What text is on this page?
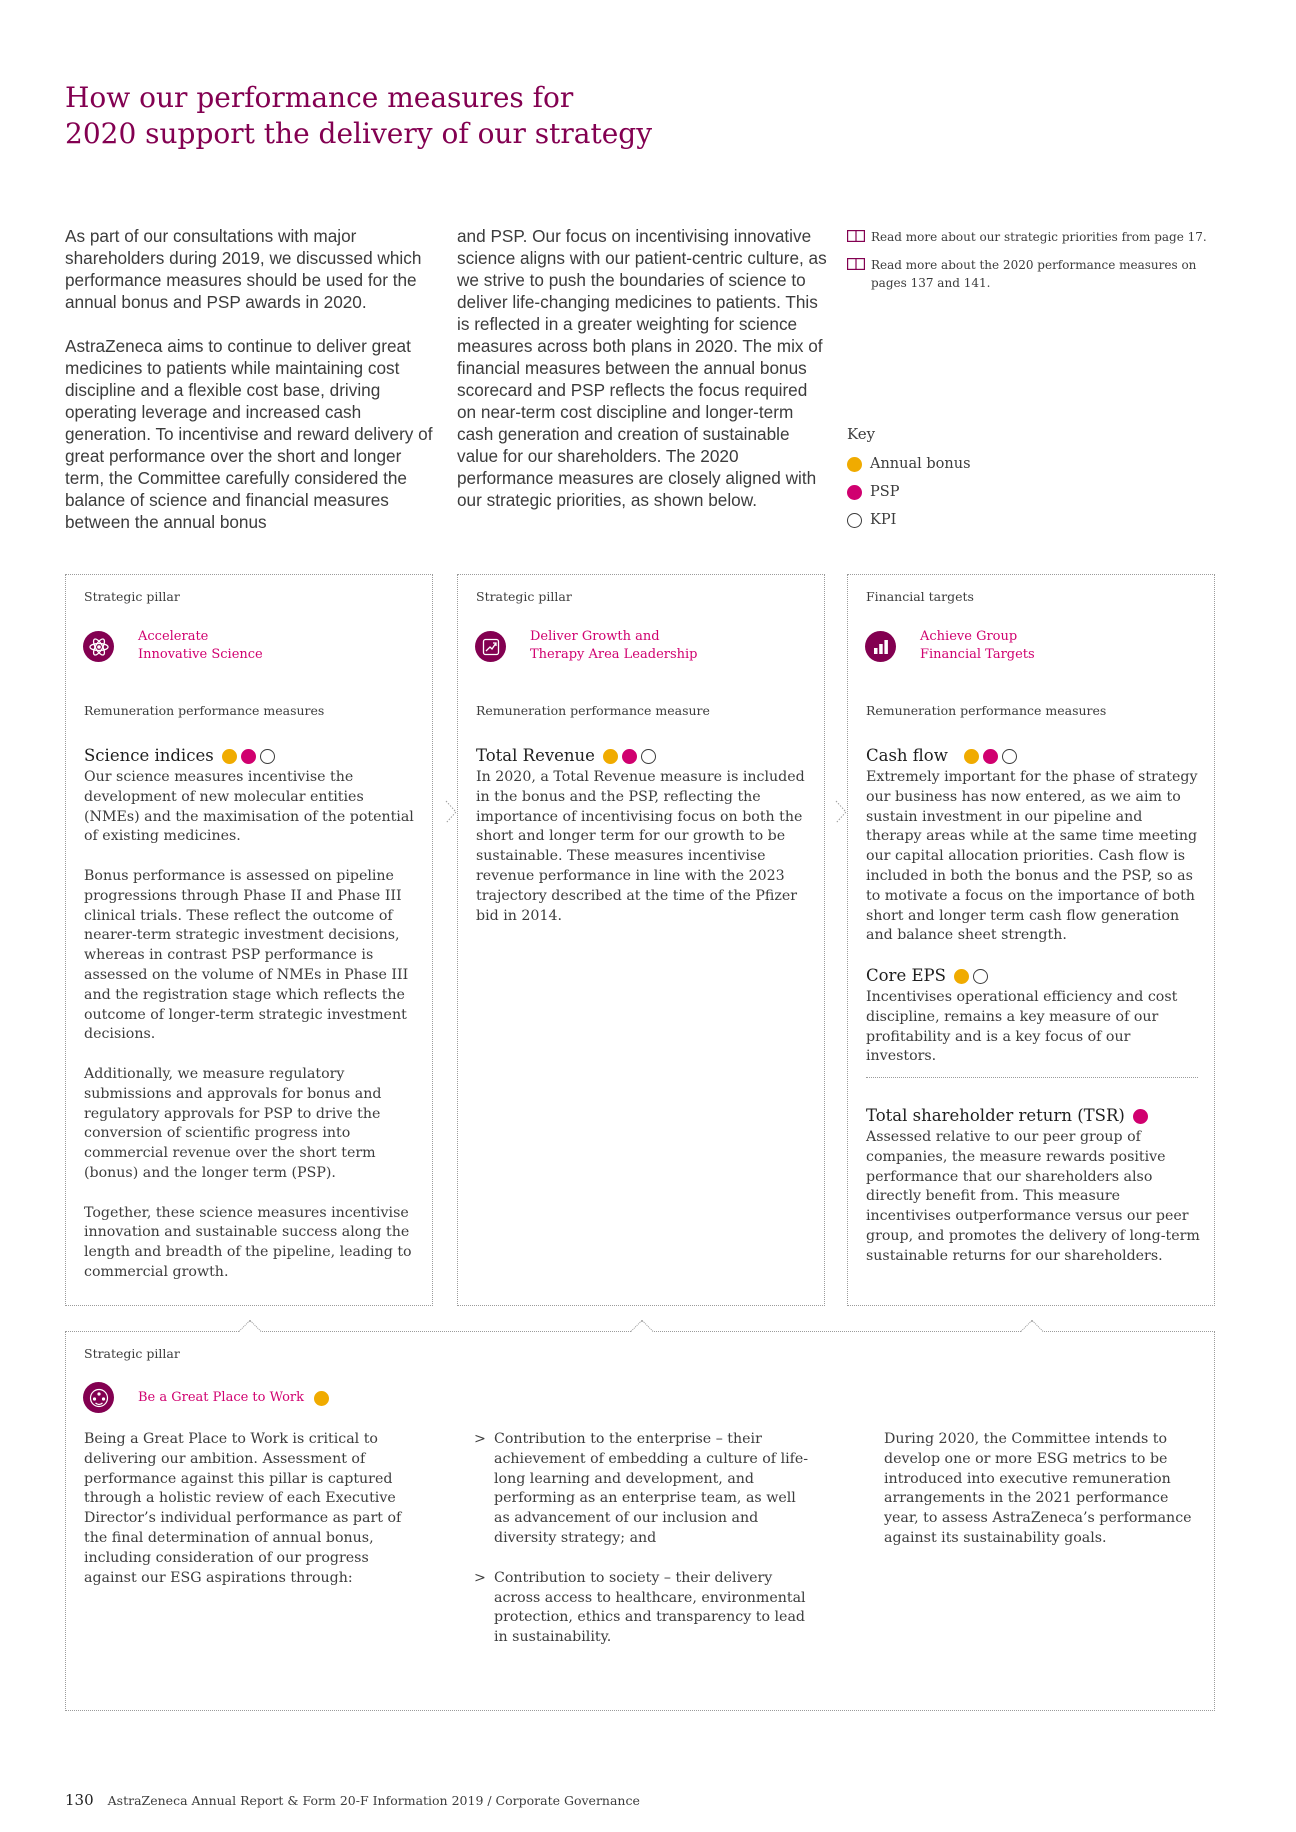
How our performance measures for
2020 support the delivery of our strategy

As part of our consultations with major shareholders during 2019, we discussed which performance measures should be used for the annual bonus and PSP awards in 2020.

AstraZeneca aims to continue to deliver great medicines to patients while maintaining cost discipline and a flexible cost base, driving operating leverage and increased cash generation. To incentivise and reward delivery of great performance over the short and longer term, the Committee carefully considered the balance of science and financial measures between the annual bonus

and PSP. Our focus on incentivising innovative science aligns with our patient-centric culture, as we strive to push the boundaries of science to deliver life-changing medicines to patients. This is reflected in a greater weighting for science measures across both plans in 2020. The mix of financial measures between the annual bonus scorecard and PSP reflects the focus required on near-term cost discipline and longer-term cash generation and creation of sustainable value for our shareholders. The 2020 performance measures are closely aligned with our strategic priorities, as shown below.

Read more about our strategic priorities from page 17.
Read more about the 2020 performance measures on pages 137 and 141.
Key
Annual bonus
PSP
KPI
Strategic pillar
Accelerate
Innovative Science
Remuneration performance measures
Science indices

Our science measures incentivise the development of new molecular entities (NMEs) and the maximisation of the potential of existing medicines.

Bonus performance is assessed on pipeline progressions through Phase II and Phase III clinical trials. These reflect the outcome of nearer-term strategic investment decisions, whereas in contrast PSP performance is assessed on the volume of NMEs in Phase III and the registration stage which reflects the outcome of longer-term strategic investment decisions.

Additionally, we measure regulatory submissions and approvals for bonus and regulatory approvals for PSP to drive the conversion of scientific progress into commercial revenue over the short term (bonus) and the longer term (PSP).

Together, these science measures incentivise innovation and sustainable success along the length and breadth of the pipeline, leading to commercial growth.

Strategic pillar
Deliver Growth and
Therapy Area Leadership
Remuneration performance measure
Total Revenue

In 2020, a Total Revenue measure is included in the bonus and the PSP, reflecting the importance of incentivising focus on both the short and longer term for our growth to be sustainable. These measures incentivise revenue performance in line with the 2023 trajectory described at the time of the Pfizer bid in 2014.

Financial targets
Achieve Group
Financial Targets
Remuneration performance measures
Cash flow
Extremely important for the phase of strategy our business has now entered, as we aim to sustain investment in our pipeline and therapy areas while at the same time meeting our capital allocation priorities. Cash flow is included in both the bonus and the PSP, so as to motivate a focus on the importance of both short and longer term cash flow generation and balance sheet strength.
Core EPS
Incentivises operational efficiency and cost discipline, remains a key measure of our profitability and is a key focus of our investors.
Total shareholder return (TSR)
Assessed relative to our peer group of companies, the measure rewards positive performance that our shareholders also directly benefit from. This measure incentivises outperformance versus our peer group, and promotes the delivery of long-term sustainable returns for our shareholders.
Strategic pillar
Be a Great Place to Work
Being a Great Place to Work is critical to delivering our ambition. Assessment of performance against this pillar is captured through a holistic review of each Executive Director’s individual performance as part of the final determination of annual bonus, including consideration of our progress against our ESG aspirations through:
> Contribution to the enterprise – their achievement of embedding a culture of life-long learning and development, and performing as an enterprise team, as well as advancement of our inclusion and diversity strategy; and
> Contribution to society – their delivery across access to healthcare, environmental protection, ethics and transparency to lead in sustainability.
During 2020, the Committee intends to develop one or more ESG metrics to be introduced into executive remuneration arrangements in the 2021 performance year, to assess AstraZeneca’s performance against its sustainability goals.
130 AstraZeneca Annual Report & Form 20-F Information 2019 / Corporate Governance
